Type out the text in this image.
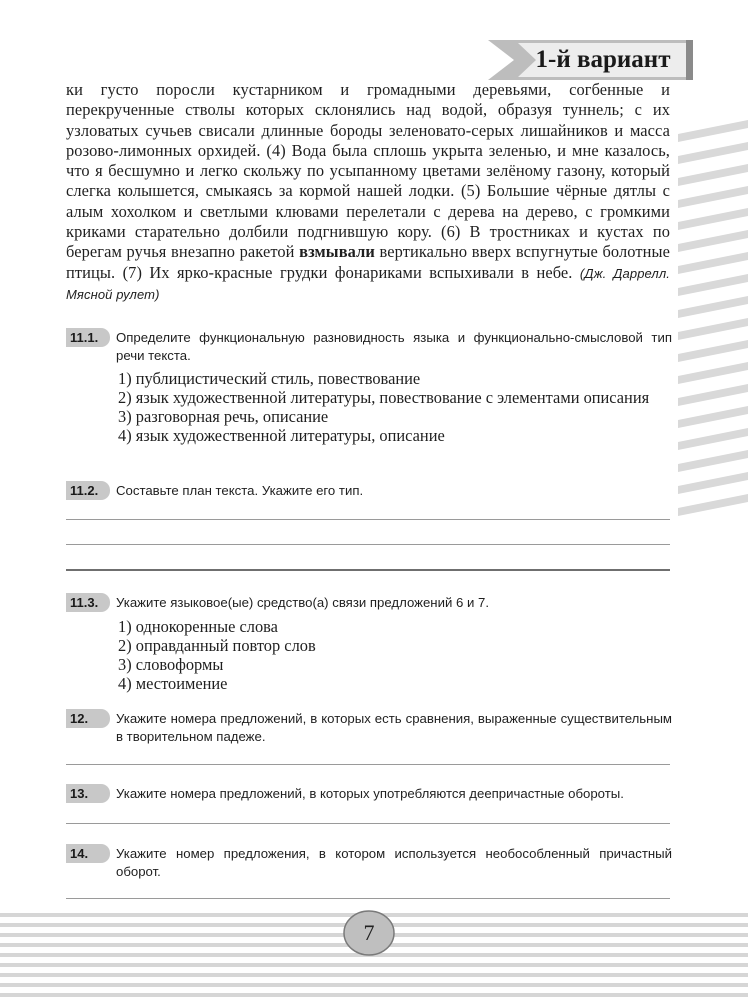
1-й вариант

ки густо поросли кустарником и громадными деревьями, согбенные и перекрученные стволы которых склонялись над водой, образуя туннель; с их узловатых сучьев свисали длинные бороды зеленовато-серых лишайников и масса розово-лимонных орхидей. (4) Вода была сплошь укрыта зеленью, и мне казалось, что я бесшумно и легко скольжу по усыпанному цветами зелёному газону, который слегка колышется, смыкаясь за кормой нашей лодки. (5) Большие чёрные дятлы с алым хохолком и светлыми клювами перелетали с дерева на дерево, с громкими криками старательно долбили подгнившую кору. (6) В тростниках и кустах по берегам ручья внезапно ракетой взмывали вертикально вверх вспугнутые болотные птицы. (7) Их ярко-красные грудки фонариками вспыхивали в небе. (Дж. Даррелл. Мясной рулет)

11.1.	Определите функциональную разновидность языка и функционально-смысловой тип речи текста.
1) публицистический стиль, повествование
2) язык художественной литературы, повествование с элементами описания
3) разговорная речь, описание
4) язык художественной литературы, описание
11.2.	Составьте план текста. Укажите его тип.
11.3.	Укажите языковое(ые) средство(а) связи предложений 6 и 7.
1) однокоренные слова
2) оправданный повтор слов
3) словоформы
4) местоимение
12.	Укажите номера предложений, в которых есть сравнения, выраженные существительным в творительном падеже.
13.	Укажите номера предложений, в которых употребляются деепричастные обороты.
14.	Укажите номер предложения, в котором используется необособленный причастный оборот.
7
